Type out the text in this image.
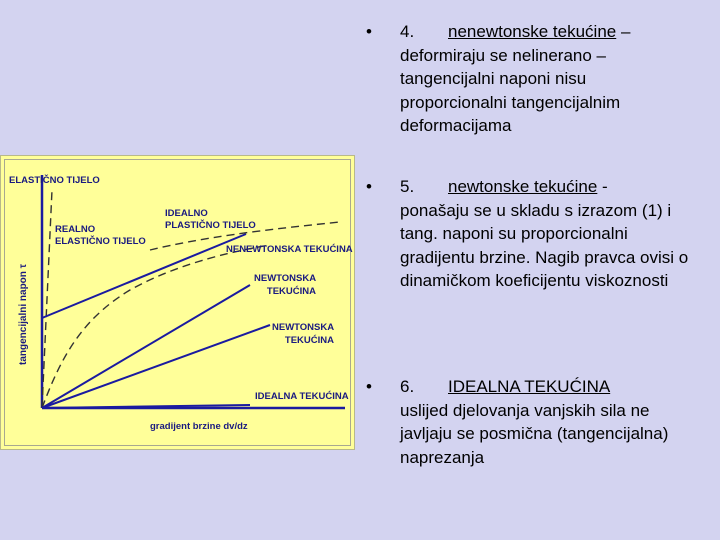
• 4. nenewtonske tekućine –
deformiraju se nelinerano – tangencijalni naponi nisu proporcionalni tangencijalnim deformacijama
• 5. newtonske tekućine -
ponašaju se u skladu s izrazom (1) i tang. naponi su proporcionalni gradijentu brzine. Nagib pravca ovisi o dinamičkom koeficijentu viskoznosti
• 6. IDEALNA TEKUĆINA
uslijed djelovanja vanjskih sila ne javljaju se posmična (tangencijalna) naprezanja
tangencijalni napon τ
ELASTIČNO TIJELO
REALNO
ELASTIČNO TIJELO
IDEALNO
PLASTIČNO TIJELO
NENEWTONSKA TEKUĆINA
NEWTONSKA
TEKUĆINA
NEWTONSKA
TEKUĆINA
IDEALNA TEKUĆINA
gradijent brzine dv/dz
